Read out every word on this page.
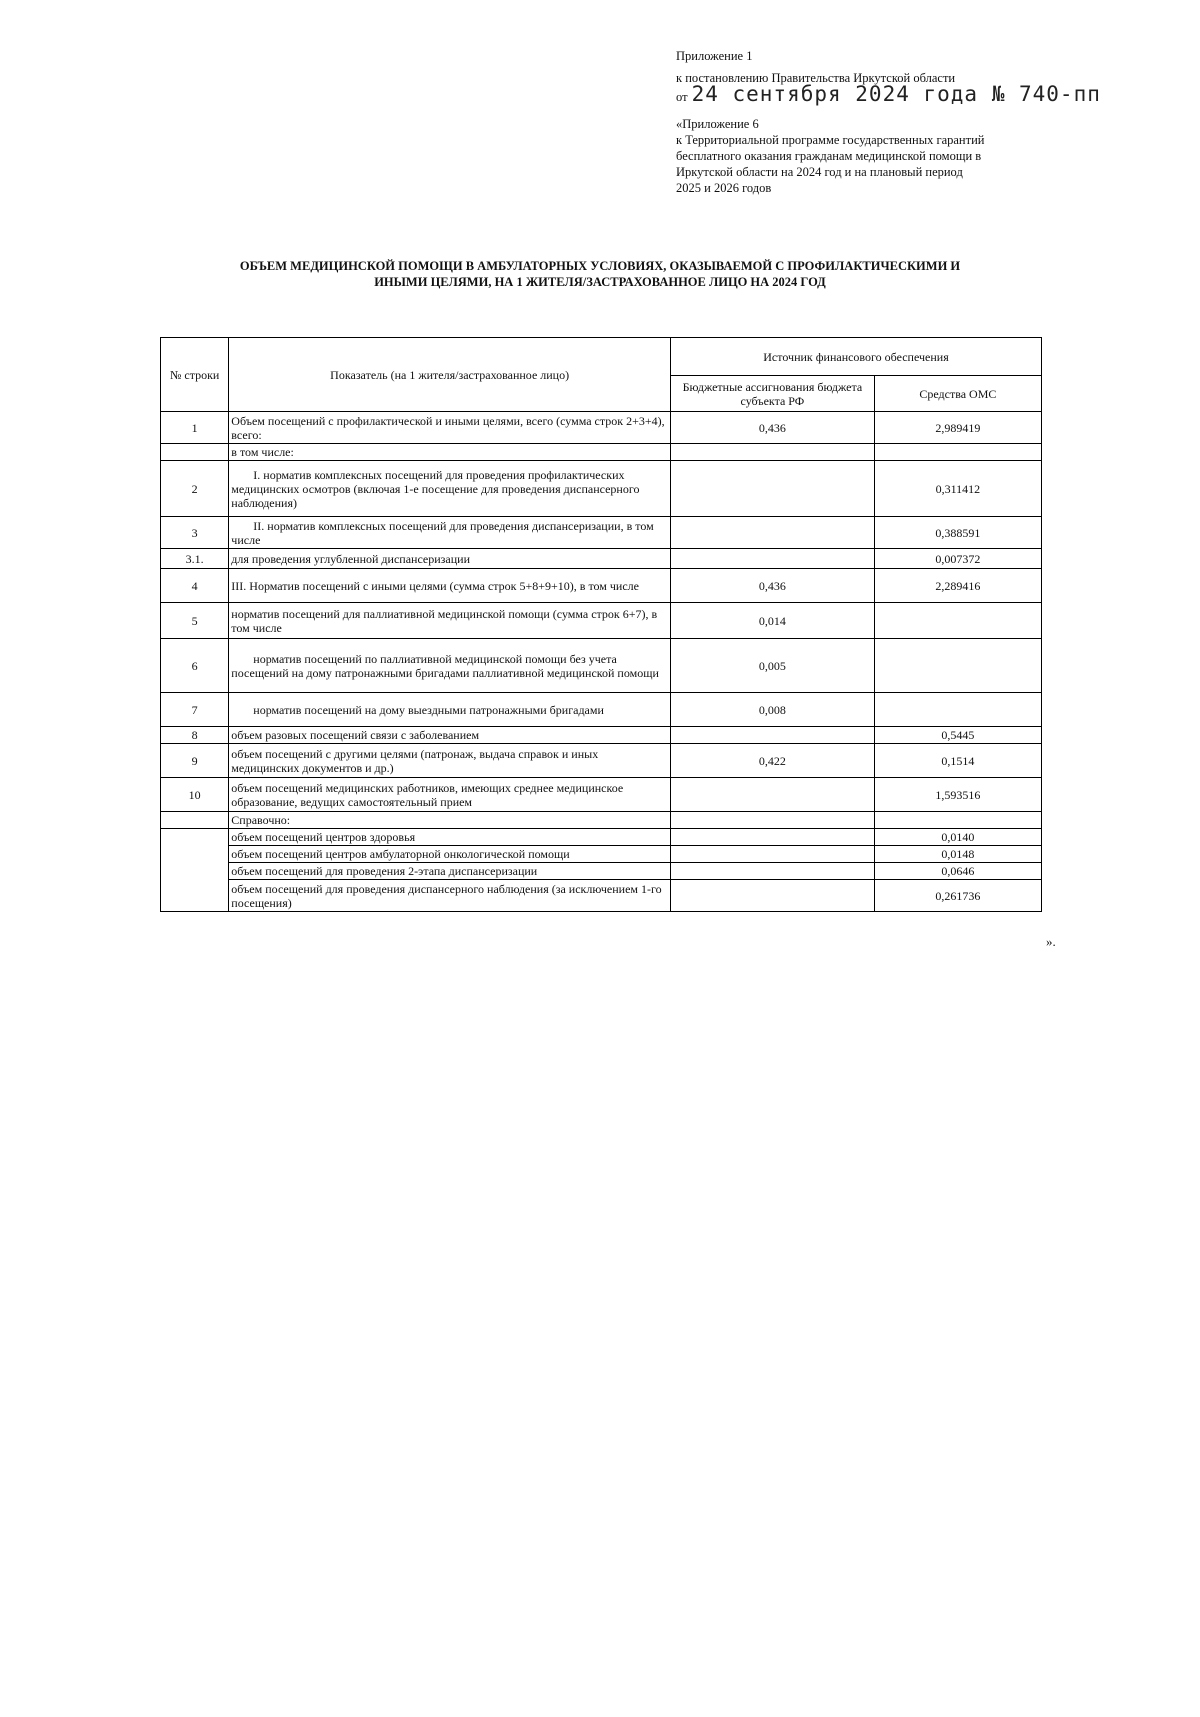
Приложение 1
к постановлению Правительства Иркутской области
от 24 сентября 2024 года № 740-пп
«Приложение 6
к Территориальной программе государственных гарантий
бесплатного оказания гражданам медицинской помощи в
Иркутской области на 2024 год и на плановый период
2025 и 2026 годов
ОБЪЕМ МЕДИЦИНСКОЙ ПОМОЩИ В АМБУЛАТОРНЫХ УСЛОВИЯХ, ОКАЗЫВАЕМОЙ С ПРОФИЛАКТИЧЕСКИМИ И
ИНЫМИ ЦЕЛЯМИ, НА 1 ЖИТЕЛЯ/ЗАСТРАХОВАННОЕ ЛИЦО НА 2024 ГОД
№ строки	Показатель (на 1 жителя/застрахованное лицо)	Источник финансового обеспечения	
		Бюджетные ассигнования бюджета субъекта РФ	Средства ОМС
1	Объем посещений с профилактической и иными целями, всего (сумма строк 2+3+4), всего:	0,436	2,989419
	в том числе:		
2	I. норматив комплексных посещений для проведения профилактических медицинских осмотров (включая 1-е посещение для проведения диспансерного наблюдения)		0,311412
3	II. норматив комплексных посещений для проведения диспансеризации, в том числе		0,388591
3.1.	для проведения углубленной диспансеризации		0,007372
4	III. Норматив посещений с иными целями (сумма строк 5+8+9+10), в том числе	0,436	2,289416
5	норматив посещений для паллиативной медицинской помощи (сумма строк 6+7), в том числе	0,014	
6	норматив посещений по паллиативной медицинской помощи без учета посещений на дому патронажными бригадами паллиативной медицинской помощи	0,005	
7	норматив посещений на дому выездными патронажными бригадами	0,008	
8	объем разовых посещений связи с заболеванием		0,5445
9	объем посещений с другими целями (патронаж, выдача справок и иных медицинских документов и др.)	0,422	0,1514
10	объем посещений медицинских работников, имеющих среднее медицинское образование, ведущих самостоятельный прием		1,593516
	Справочно:		
	объем посещений центров здоровья		0,0140
	объем посещений центров амбулаторной онкологической помощи		0,0148
	объем посещений для проведения 2-этапа диспансеризации		0,0646
	объем посещений для проведения диспансерного наблюдения (за исключением 1-го посещения)		0,261736
».
